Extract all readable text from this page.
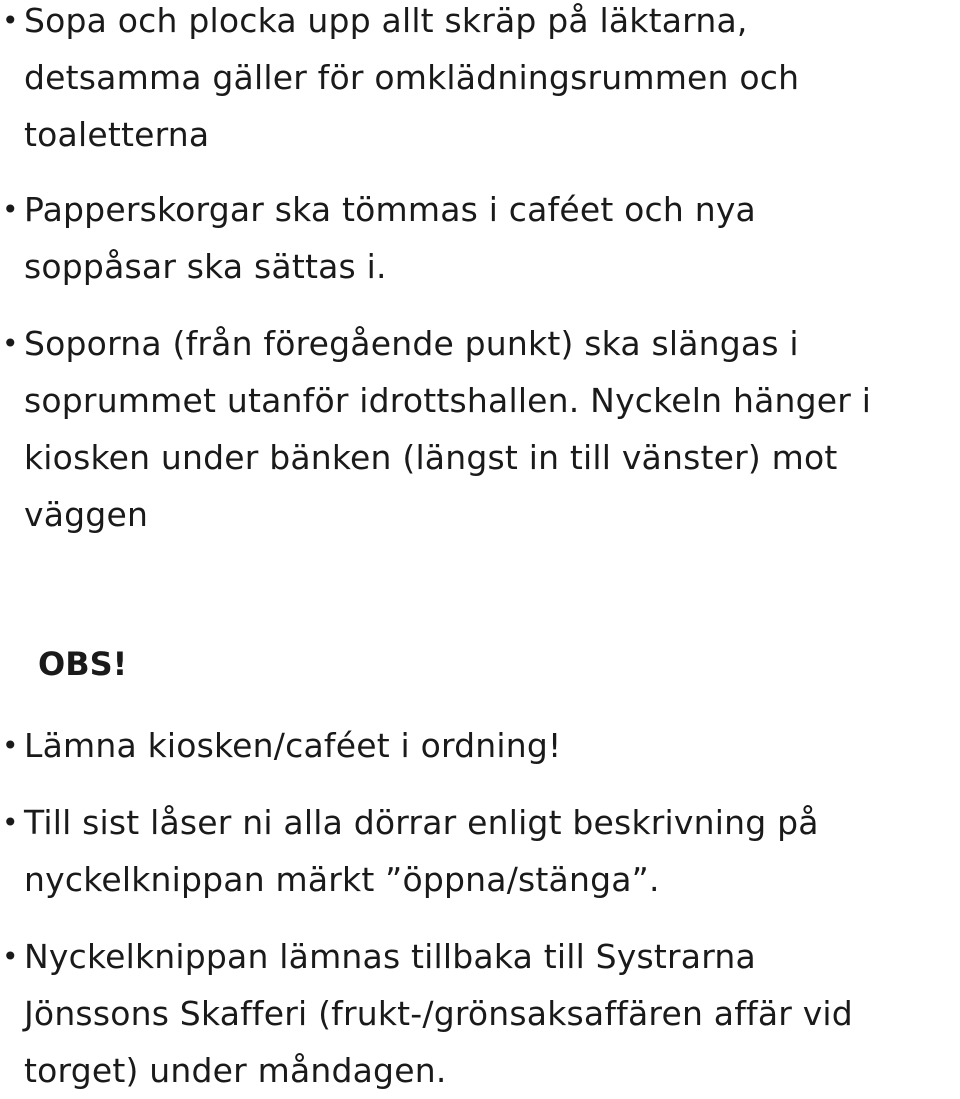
• Sopa och plocka upp allt skräp på läktarna,
detsamma gäller för omklädningsrummen och
toaletterna
• Papperskorgar ska tömmas i caféet och nya
soppåsar ska sättas i.
• Soporna (från föregående punkt) ska slängas i
soprummet utanför idrottshallen. Nyckeln hänger i
kiosken under bänken (längst in till vänster) mot
väggen
OBS!
• Lämna kiosken/caféet i ordning!
• Till sist låser ni alla dörrar enligt beskrivning på
nyckelknippan märkt ”öppna/stänga”.
• Nyckelknippan lämnas tillbaka till Systrarna
Jönssons Skafferi (frukt-/grönsaksaffären affär vid
torget) under måndagen.
